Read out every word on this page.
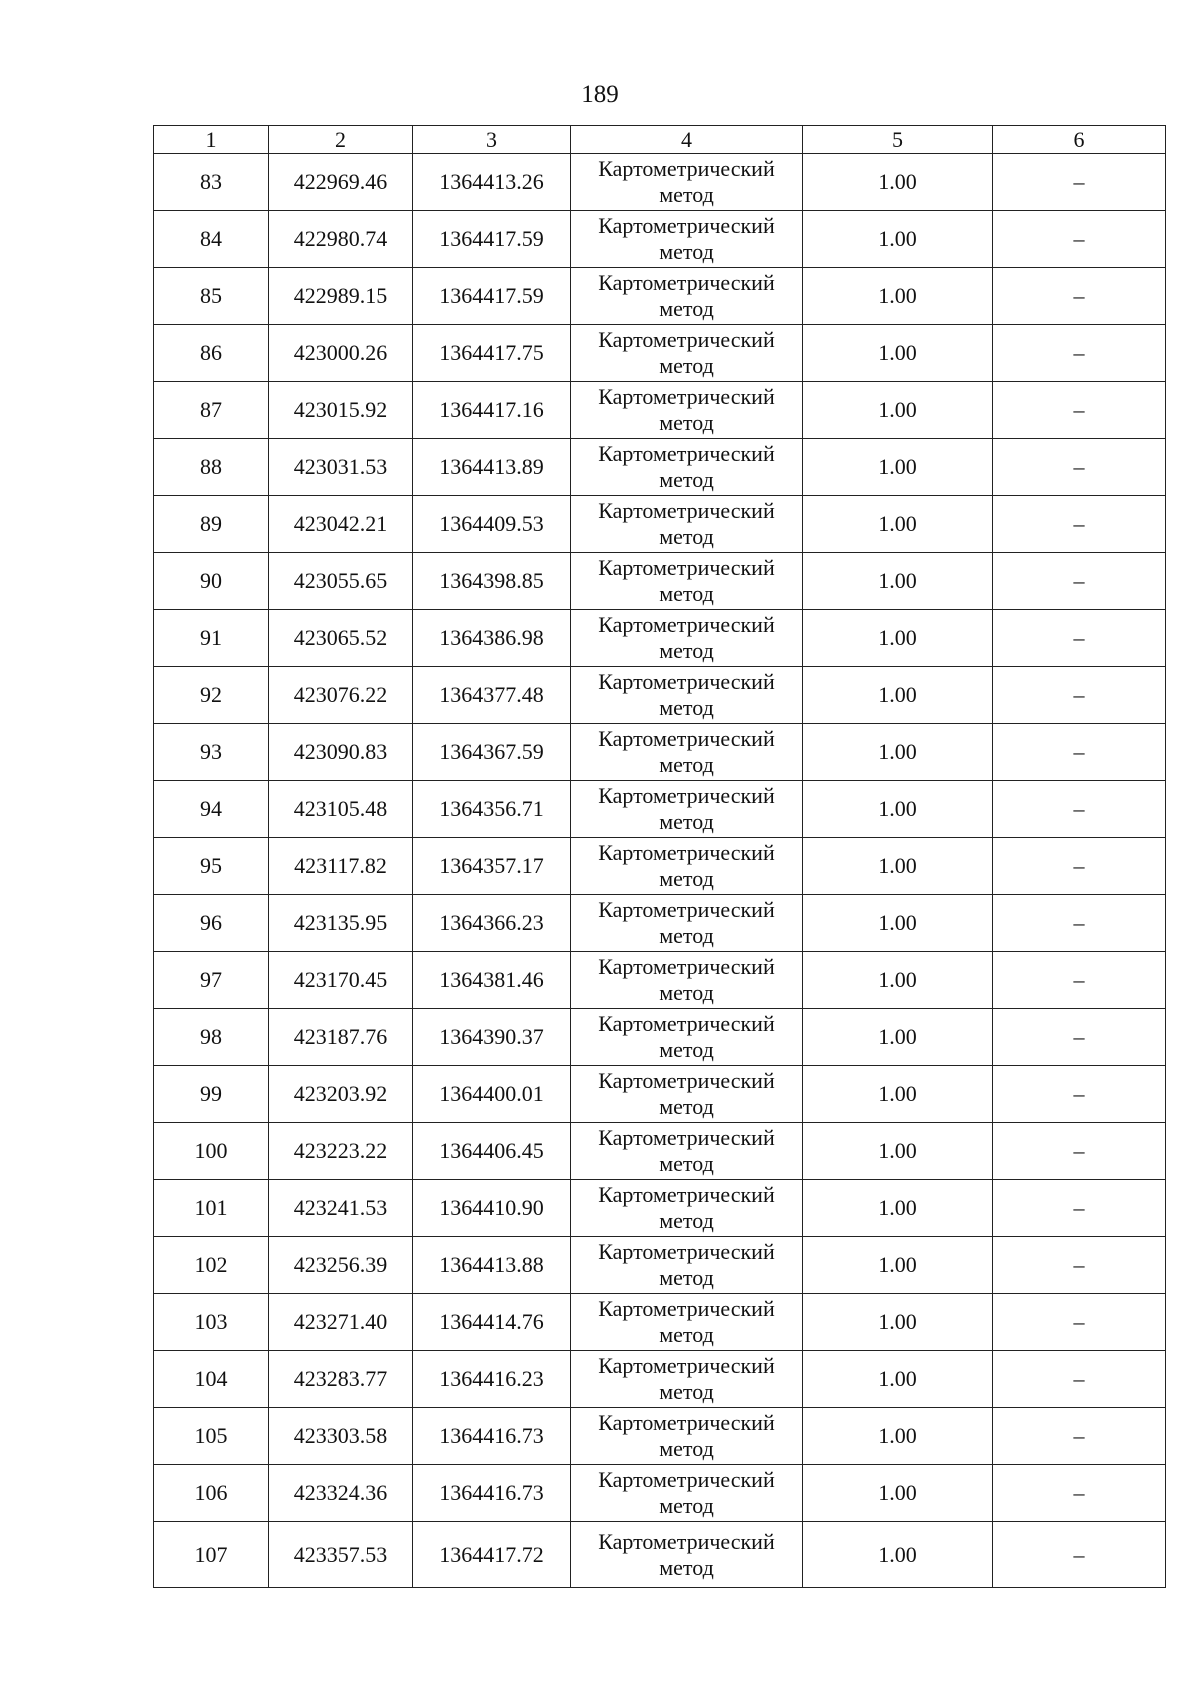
189
1	2	3	4	5	6
83	422969.46	1364413.26	Картометрический метод	1.00	–
84	422980.74	1364417.59	Картометрический метод	1.00	–
85	422989.15	1364417.59	Картометрический метод	1.00	–
86	423000.26	1364417.75	Картометрический метод	1.00	–
87	423015.92	1364417.16	Картометрический метод	1.00	–
88	423031.53	1364413.89	Картометрический метод	1.00	–
89	423042.21	1364409.53	Картометрический метод	1.00	–
90	423055.65	1364398.85	Картометрический метод	1.00	–
91	423065.52	1364386.98	Картометрический метод	1.00	–
92	423076.22	1364377.48	Картометрический метод	1.00	–
93	423090.83	1364367.59	Картометрический метод	1.00	–
94	423105.48	1364356.71	Картометрический метод	1.00	–
95	423117.82	1364357.17	Картометрический метод	1.00	–
96	423135.95	1364366.23	Картометрический метод	1.00	–
97	423170.45	1364381.46	Картометрический метод	1.00	–
98	423187.76	1364390.37	Картометрический метод	1.00	–
99	423203.92	1364400.01	Картометрический метод	1.00	–
100	423223.22	1364406.45	Картометрический метод	1.00	–
101	423241.53	1364410.90	Картометрический метод	1.00	–
102	423256.39	1364413.88	Картометрический метод	1.00	–
103	423271.40	1364414.76	Картометрический метод	1.00	–
104	423283.77	1364416.23	Картометрический метод	1.00	–
105	423303.58	1364416.73	Картометрический метод	1.00	–
106	423324.36	1364416.73	Картометрический метод	1.00	–
107	423357.53	1364417.72	Картометрический метод	1.00	–
